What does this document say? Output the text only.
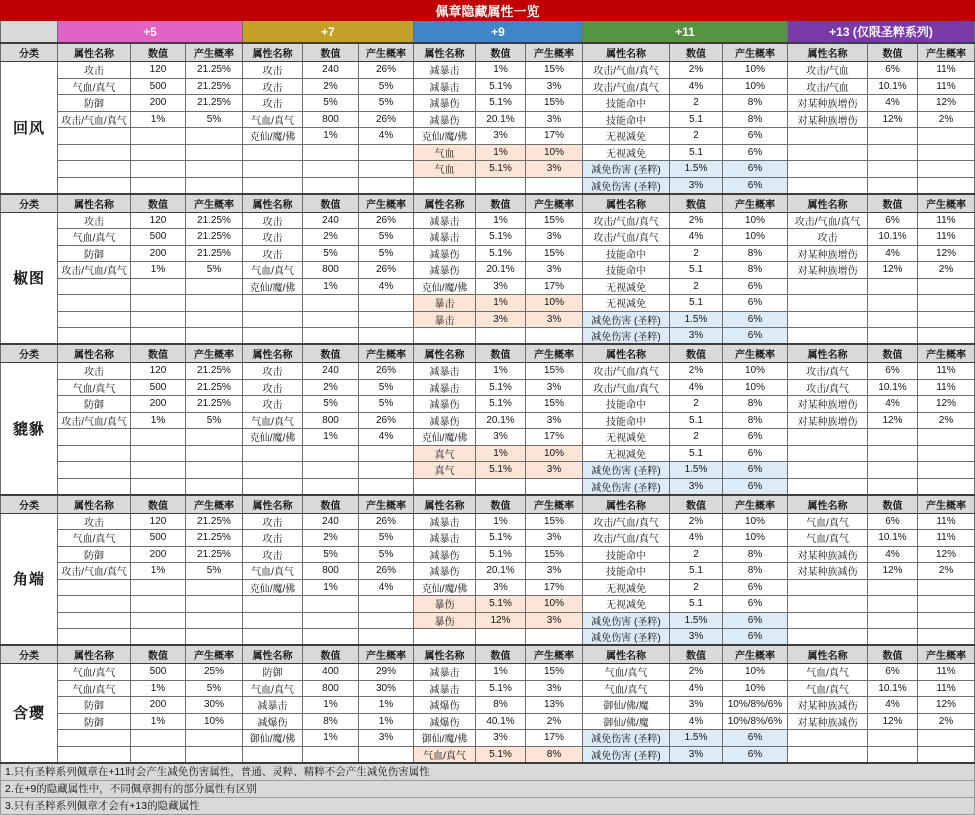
佩章隐藏属性一览															
	+5			+7			+9			+11			+13 (仅限圣粹系列)		
分类	属性名称	数值	产生概率	属性名称	数值	产生概率	属性名称	数值	产生概率	属性名称	数值	产生概率	属性名称	数值	产生概率
回风	攻击	120	21.25%	攻击	240	26%	减暴击	1%	15%	攻击/气血/真气	2%	10%	攻击/气血	6%	11%
	气血/真气	500	21.25%	攻击	2%	5%	减暴击	5.1%	3%	攻击/气血/真气	4%	10%	攻击/气血	10.1%	11%
	防御	200	21.25%	攻击	5%	5%	减暴伤	5.1%	15%	技能命中	2	8%	对某种族增伤	4%	12%
	攻击/气血/真气	1%	5%	气血/真气	800	26%	减暴伤	20.1%	3%	技能命中	5.1	8%	对某种族增伤	12%	2%
				克仙/魔/佛	1%	4%	克仙/魔/佛	3%	17%	无视减免	2	6%			
							气血	1%	10%	无视减免	5.1	6%			
							气血	5.1%	3%	减免伤害 (圣粹)	1.5%	6%			
										减免伤害 (圣粹)	3%	6%			
分类	属性名称	数值	产生概率	属性名称	数值	产生概率	属性名称	数值	产生概率	属性名称	数值	产生概率	属性名称	数值	产生概率
椒图	攻击	120	21.25%	攻击	240	26%	减暴击	1%	15%	攻击/气血/真气	2%	10%	攻击/气血/真气	6%	11%
	气血/真气	500	21.25%	攻击	2%	5%	减暴击	5.1%	3%	攻击/气血/真气	4%	10%	攻击	10.1%	11%
	防御	200	21.25%	攻击	5%	5%	减暴伤	5.1%	15%	技能命中	2	8%	对某种族增伤	4%	12%
	攻击/气血/真气	1%	5%	气血/真气	800	26%	减暴伤	20.1%	3%	技能命中	5.1	8%	对某种族增伤	12%	2%
				克仙/魔/佛	1%	4%	克仙/魔/佛	3%	17%	无视减免	2	6%			
							暴击	1%	10%	无视减免	5.1	6%			
							暴击	3%	3%	减免伤害 (圣粹)	1.5%	6%			
										减免伤害 (圣粹)	3%	6%			
分类	属性名称	数值	产生概率	属性名称	数值	产生概率	属性名称	数值	产生概率	属性名称	数值	产生概率	属性名称	数值	产生概率
貔貅	攻击	120	21.25%	攻击	240	26%	减暴击	1%	15%	攻击/气血/真气	2%	10%	攻击/真气	6%	11%
	气血/真气	500	21.25%	攻击	2%	5%	减暴击	5.1%	3%	攻击/气血/真气	4%	10%	攻击/真气	10.1%	11%
	防御	200	21.25%	攻击	5%	5%	减暴伤	5.1%	15%	技能命中	2	8%	对某种族增伤	4%	12%
	攻击/气血/真气	1%	5%	气血/真气	800	26%	减暴伤	20.1%	3%	技能命中	5.1	8%	对某种族增伤	12%	2%
				克仙/魔/佛	1%	4%	克仙/魔/佛	3%	17%	无视减免	2	6%			
							真气	1%	10%	无视减免	5.1	6%			
							真气	5.1%	3%	减免伤害 (圣粹)	1.5%	6%			
										减免伤害 (圣粹)	3%	6%			
分类	属性名称	数值	产生概率	属性名称	数值	产生概率	属性名称	数值	产生概率	属性名称	数值	产生概率	属性名称	数值	产生概率
角端	攻击	120	21.25%	攻击	240	26%	减暴击	1%	15%	攻击/气血/真气	2%	10%	气血/真气	6%	11%
	气血/真气	500	21.25%	攻击	2%	5%	减暴击	5.1%	3%	攻击/气血/真气	4%	10%	气血/真气	10.1%	11%
	防御	200	21.25%	攻击	5%	5%	减暴伤	5.1%	15%	技能命中	2	8%	对某种族减伤	4%	12%
	攻击/气血/真气	1%	5%	气血/真气	800	26%	减暴伤	20.1%	3%	技能命中	5.1	8%	对某种族减伤	12%	2%
				克仙/魔/佛	1%	4%	克仙/魔/佛	3%	17%	无视减免	2	6%			
							暴伤	5.1%	10%	无视减免	5.1	6%			
							暴伤	12%	3%	减免伤害 (圣粹)	1.5%	6%			
										减免伤害 (圣粹)	3%	6%			
分类	属性名称	数值	产生概率	属性名称	数值	产生概率	属性名称	数值	产生概率	属性名称	数值	产生概率	属性名称	数值	产生概率
含璎	气血/真气	500	25%	防御	400	29%	减暴击	1%	15%	气血/真气	2%	10%	气血/真气	6%	11%
	气血/真气	1%	5%	气血/真气	800	30%	减暴击	5.1%	3%	气血/真气	4%	10%	气血/真气	10.1%	11%
	防御	200	30%	减暴击	1%	1%	减爆伤	8%	13%	御仙/佛/魔	3%	10%/8%/6%	对某种族减伤	4%	12%
	防御	1%	10%	减爆伤	8%	1%	减爆伤	40.1%	2%	御仙/佛/魔	4%	10%/8%/6%	对某种族减伤	12%	2%
				御仙/魔/佛	1%	3%	御仙/魔/佛	3%	17%	减免伤害 (圣粹)	1.5%	6%			
							气血/真气	5.1%	8%	减免伤害 (圣粹)	3%	6%			
1.只有圣粹系列佩章在+11时会产生减免伤害属性，普通、灵粹、精粹不会产生减免伤害属性															
2.在+9的隐藏属性中，不同佩章拥有的部分属性有区别															
3.只有圣粹系列佩章才会有+13的隐藏属性															
